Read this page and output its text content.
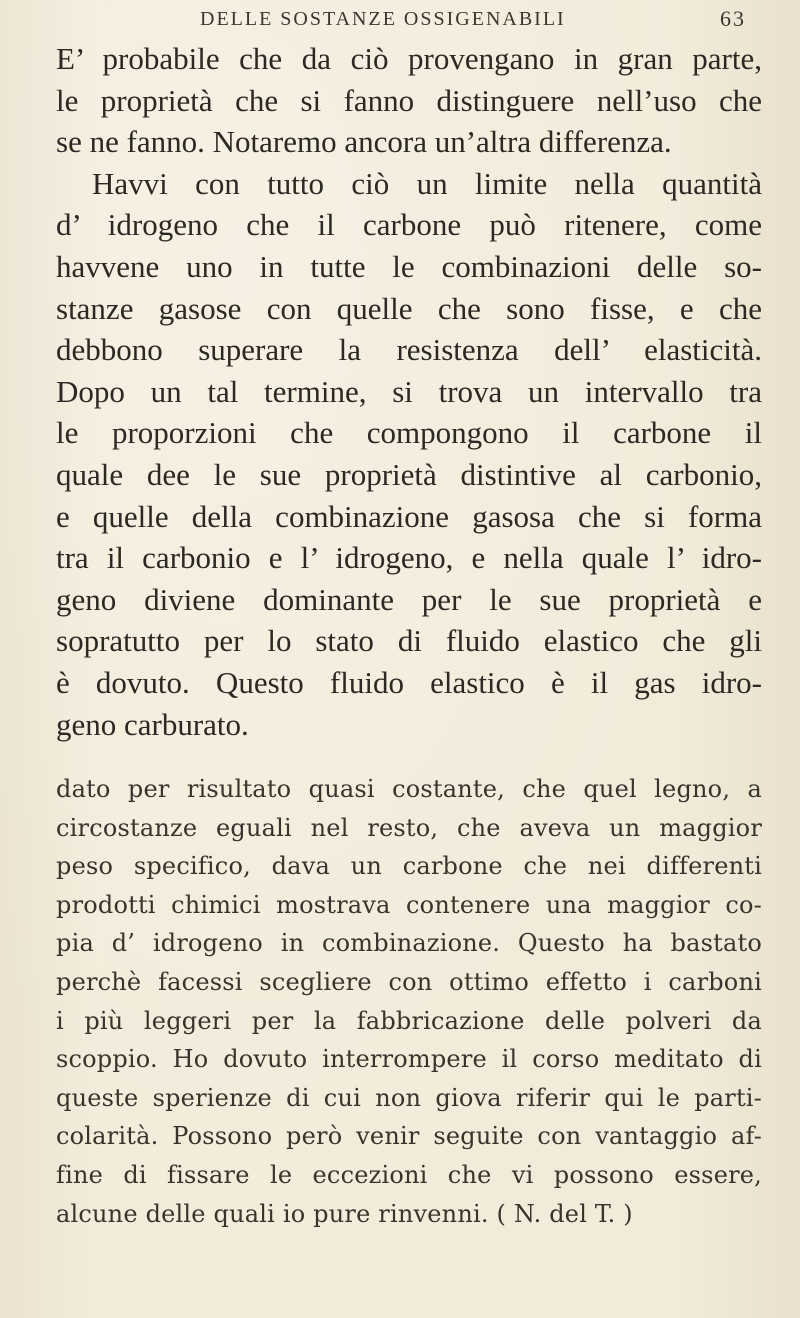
DELLE SOSTANZE OSSIGENABILI	63
E’ probabile che da ciò provengano in gran parte,
le proprietà che si fanno distinguere nell’uso che
se ne fanno. Notaremo ancora un’altra differenza.
Havvi con tutto ciò un limite nella quantità
d’ idrogeno che il carbone può ritenere, come
havvene uno in tutte le combinazioni delle so-
stanze gasose con quelle che sono fisse, e che
debbono superare la resistenza dell’ elasticità.
Dopo un tal termine, si trova un intervallo tra
le proporzioni che compongono il carbone il
quale dee le sue proprietà distintive al carbonio,
e quelle della combinazione gasosa che si forma
tra il carbonio e l’ idrogeno, e nella quale l’ idro-
geno diviene dominante per le sue proprietà e
sopratutto per lo stato di fluido elastico che gli
è dovuto. Questo fluido elastico è il gas idro-
geno carburato.
dato per risultato quasi costante, che quel legno, a
circostanze eguali nel resto, che aveva un maggior
peso specifico, dava un carbone che nei differenti
prodotti chimici mostrava contenere una maggior co-
pia d’ idrogeno in combinazione. Questo ha bastato
perchè facessi scegliere con ottimo effetto i carboni
i più leggeri per la fabbricazione delle polveri da
scoppio. Ho dovuto interrompere il corso meditato di
queste sperienze di cui non giova riferir qui le parti-
colarità. Possono però venir seguite con vantaggio af-
fine di fissare le eccezioni che vi possono essere,
alcune delle quali io pure rinvenni. ( N. del T. )
